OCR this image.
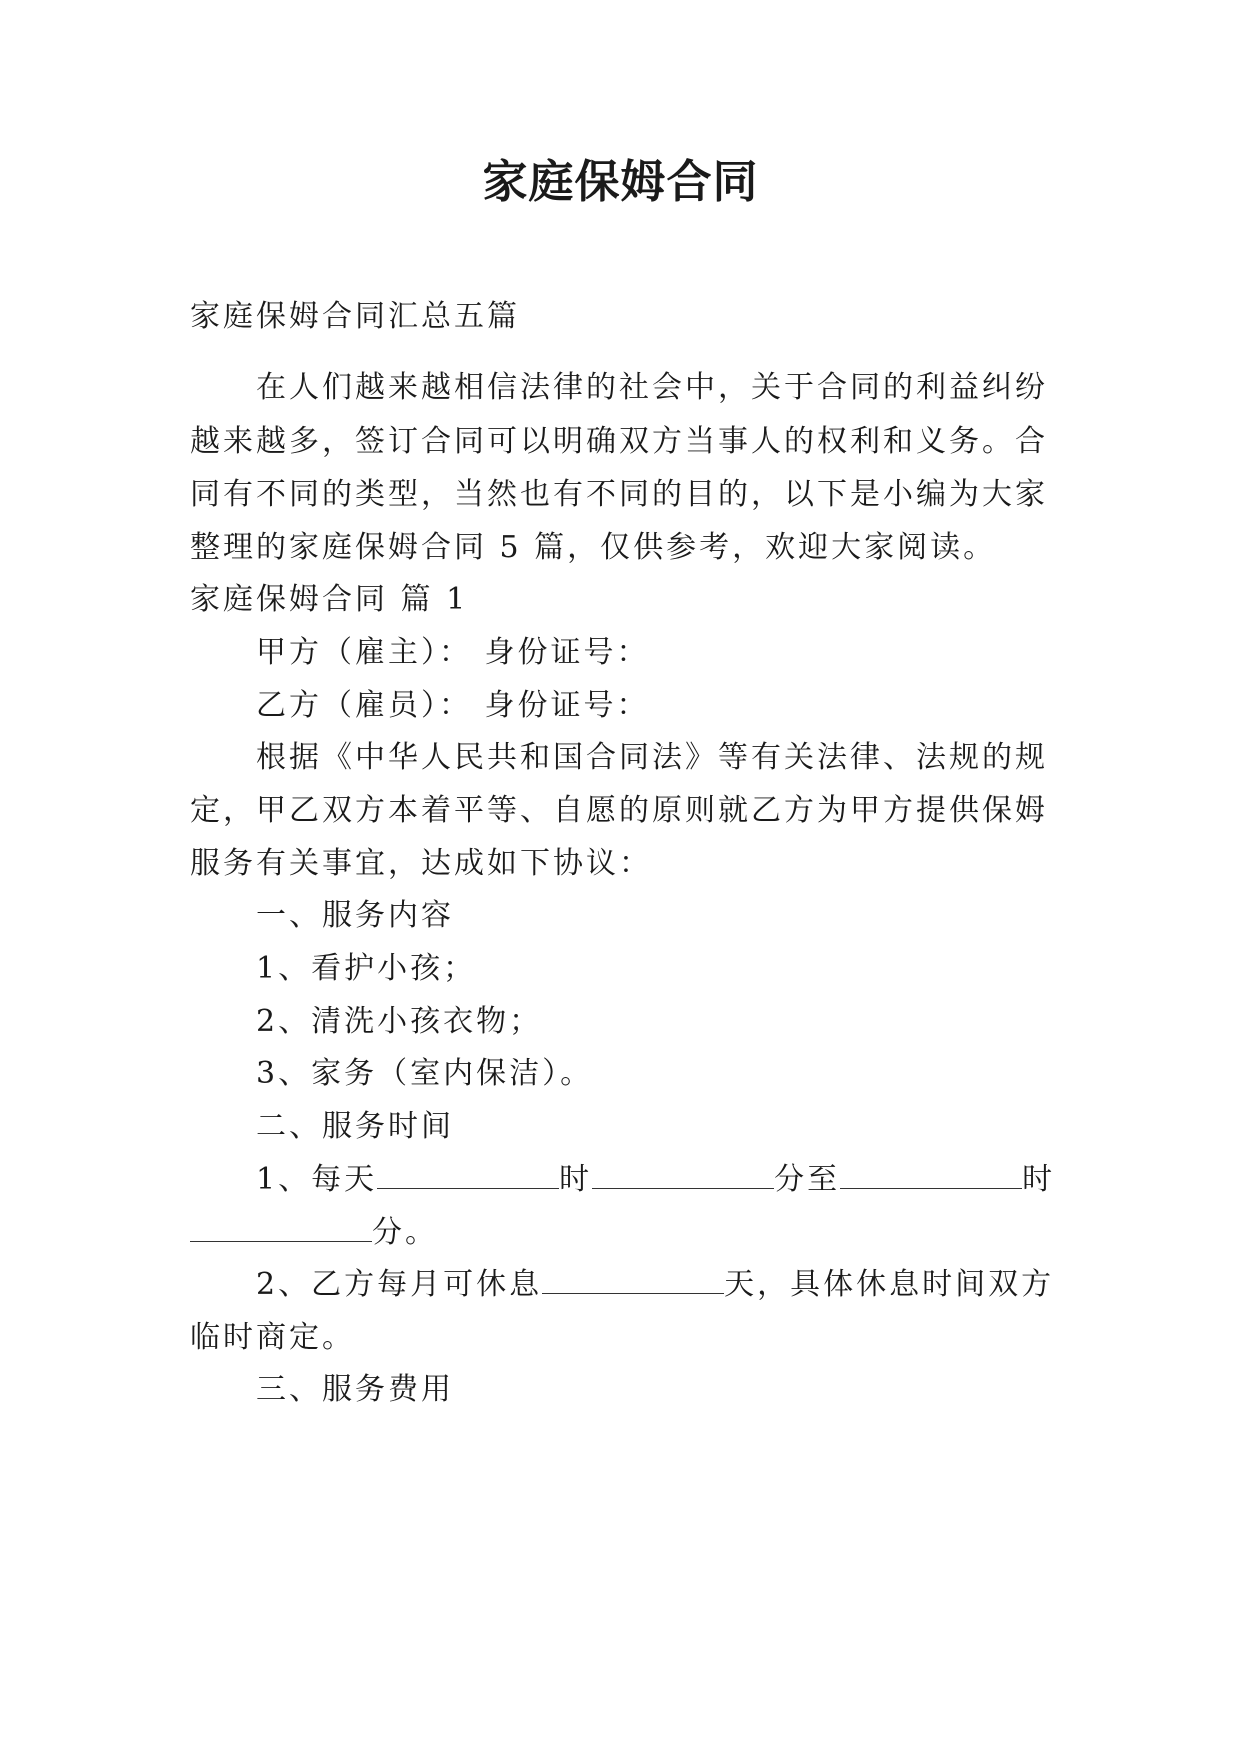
家庭保姆合同
家庭保姆合同汇总五篇
在人们越来越相信法律的社会中，关于合同的利益纠纷
越来越多，签订合同可以明确双方当事人的权利和义务。合
同有不同的类型，当然也有不同的目的，以下是小编为大家
整理的家庭保姆合同 5 篇，仅供参考，欢迎大家阅读。
家庭保姆合同 篇 1
甲方（雇主）： 身份证号：
乙方（雇员）： 身份证号：
根据《中华人民共和国合同法》等有关法律、法规的规
定，甲乙双方本着平等、自愿的原则就乙方为甲方提供保姆
服务有关事宜，达成如下协议：
一、服务内容
1、看护小孩；
2、清洗小孩衣物；
3、家务（室内保洁）。
二、服务时间
1、每天	时	分至	时
分。
2、乙方每月可休息	天，具体休息时间双方
临时商定。
三、服务费用
